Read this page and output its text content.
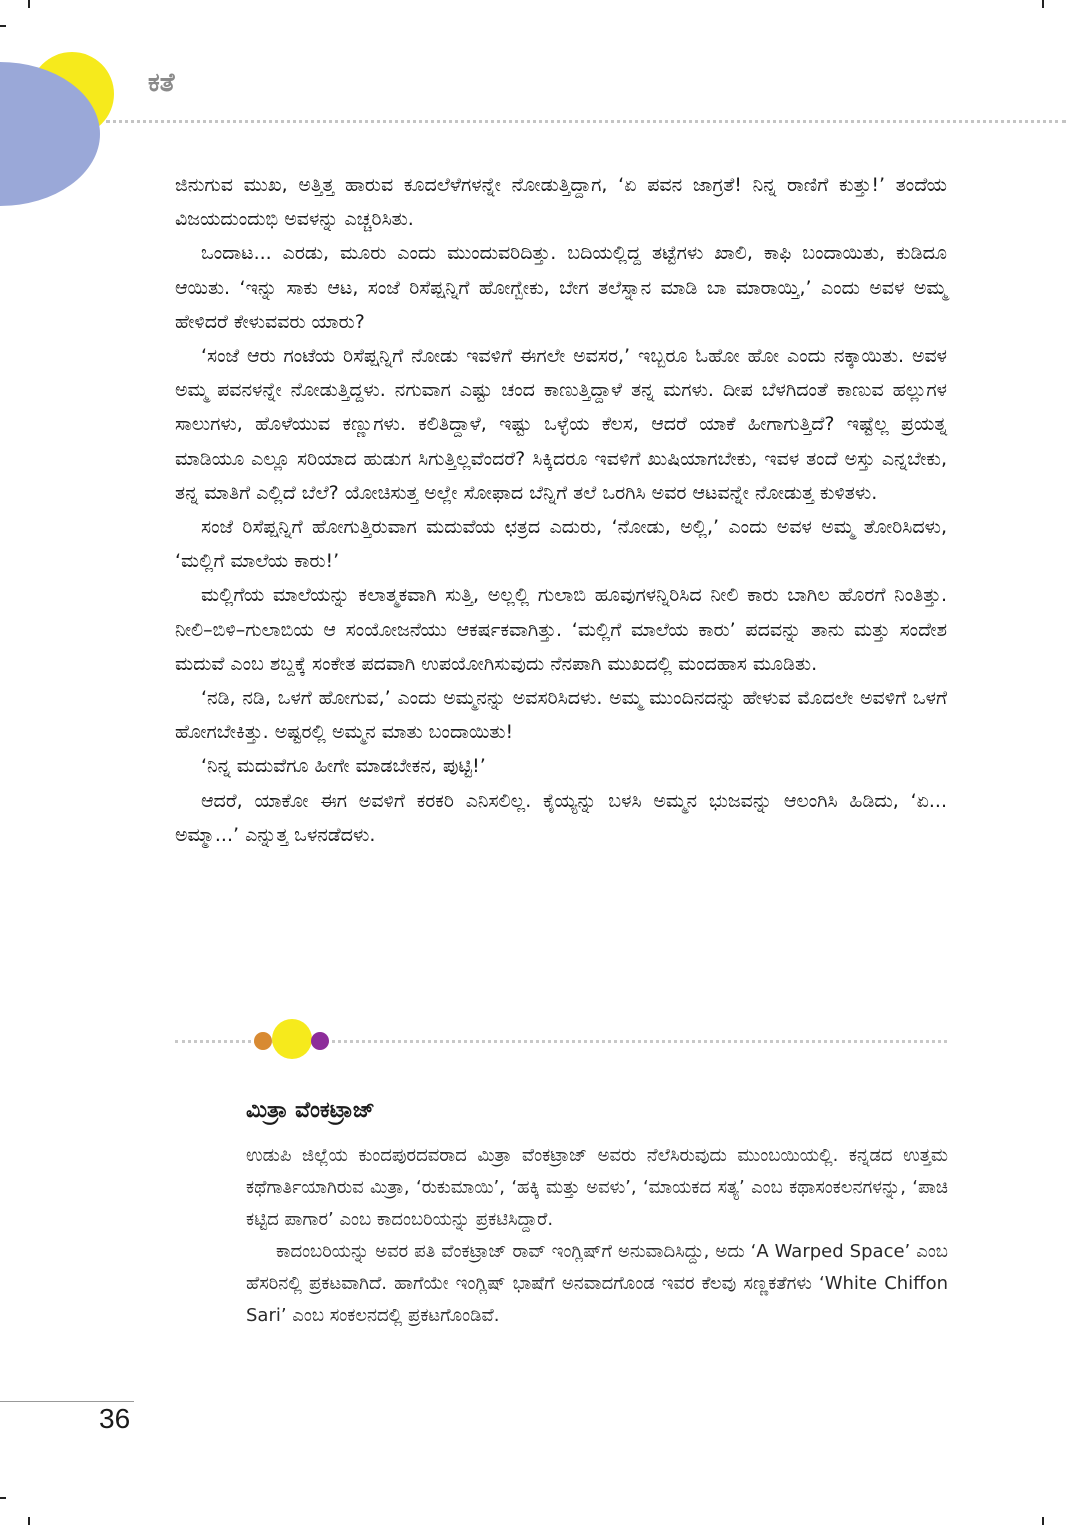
ಕತೆ

ಜಿನುಗುವ ಮುಖ, ಅತ್ತಿತ್ತ ಹಾರುವ ಕೂದಲೆಳೆಗಳನ್ನೇ ನೋಡುತ್ತಿದ್ದಾಗ, ‘ಏ ಪವನ ಜಾಗ್ರತೆ! ನಿನ್ನ ರಾಣಿಗೆ ಕುತ್ತು!’ ತಂದೆಯ ವಿಜಯದುಂದುಭಿ ಅವಳನ್ನು ಎಚ್ಚರಿಸಿತು.

ಒಂದಾಟ... ಎರಡು, ಮೂರು ಎಂದು ಮುಂದುವರಿದಿತ್ತು. ಬದಿಯಲ್ಲಿದ್ದ ತಟ್ಟೆಗಳು ಖಾಲಿ, ಕಾಫಿ ಬಂದಾಯಿತು, ಕುಡಿದೂ ಆಯಿತು. ‘ಇನ್ನು ಸಾಕು ಆಟ, ಸಂಜೆ ರಿಸೆಪ್ಷನ್ನಿಗೆ ಹೋಗ್ಬೇಕು, ಬೇಗ ತಲೆಸ್ನಾನ ಮಾಡಿ ಬಾ ಮಾರಾಯ್ತಿ,’ ಎಂದು ಅವಳ ಅಮ್ಮ ಹೇಳಿದರೆ ಕೇಳುವವರು ಯಾರು?

‘ಸಂಜೆ ಆರು ಗಂಟೆಯ ರಿಸೆಪ್ಷನ್ನಿಗೆ ನೋಡು ಇವಳಿಗೆ ಈಗಲೇ ಅವಸರ,’ ಇಬ್ಬರೂ ಓಹೋ ಹೋ ಎಂದು ನಕ್ಕಾಯಿತು. ಅವಳ ಅಮ್ಮ ಪವನಳನ್ನೇ ನೋಡುತ್ತಿದ್ದಳು. ನಗುವಾಗ ಎಷ್ಟು ಚಂದ ಕಾಣುತ್ತಿದ್ದಾಳೆ ತನ್ನ ಮಗಳು. ದೀಪ ಬೆಳಗಿದಂತೆ ಕಾಣುವ ಹಲ್ಲುಗಳ ಸಾಲುಗಳು, ಹೊಳೆಯುವ ಕಣ್ಣುಗಳು. ಕಲಿತಿದ್ದಾಳೆ, ಇಷ್ಟು ಒಳ್ಳೆಯ ಕೆಲಸ, ಆದರೆ ಯಾಕೆ ಹೀಗಾಗುತ್ತಿದೆ? ಇಷ್ಟೆಲ್ಲ ಪ್ರಯತ್ನ ಮಾಡಿಯೂ ಎಲ್ಲೂ ಸರಿಯಾದ ಹುಡುಗ ಸಿಗುತ್ತಿಲ್ಲವೆಂದರೆ? ಸಿಕ್ಕಿದರೂ ಇವಳಿಗೆ ಖುಷಿಯಾಗಬೇಕು, ಇವಳ ತಂದೆ ಅಸ್ತು ಎನ್ನಬೇಕು, ತನ್ನ ಮಾತಿಗೆ ಎಲ್ಲಿದೆ ಬೆಲೆ? ಯೋಚಿಸುತ್ತ ಅಲ್ಲೇ ಸೋಫಾದ ಬೆನ್ನಿಗೆ ತಲೆ ಒರಗಿಸಿ ಅವರ ಆಟವನ್ನೇ ನೋಡುತ್ತ ಕುಳಿತಳು.

ಸಂಜೆ ರಿಸೆಪ್ಷನ್ನಿಗೆ ಹೋಗುತ್ತಿರುವಾಗ ಮದುವೆಯ ಛತ್ರದ ಎದುರು, ‘ನೋಡು, ಅಲ್ಲಿ,’ ಎಂದು ಅವಳ ಅಮ್ಮ ತೋರಿಸಿದಳು, ‘ಮಲ್ಲಿಗೆ ಮಾಲೆಯ ಕಾರು!’

ಮಲ್ಲಿಗೆಯ ಮಾಲೆಯನ್ನು ಕಲಾತ್ಮಕವಾಗಿ ಸುತ್ತಿ, ಅಲ್ಲಲ್ಲಿ ಗುಲಾಬಿ ಹೂವುಗಳನ್ನಿರಿಸಿದ ನೀಲಿ ಕಾರು ಬಾಗಿಲ ಹೊರಗೆ ನಿಂತಿತ್ತು. ನೀಲಿ–ಬಿಳಿ–ಗುಲಾಬಿಯ ಆ ಸಂಯೋಜನೆಯು ಆಕರ್ಷಕವಾಗಿತ್ತು. ‘ಮಲ್ಲಿಗೆ ಮಾಲೆಯ ಕಾರು’ ಪದವನ್ನು ತಾನು ಮತ್ತು ಸಂದೇಶ ಮದುವೆ ಎಂಬ ಶಬ್ದಕ್ಕೆ ಸಂಕೇತ ಪದವಾಗಿ ಉಪಯೋಗಿಸುವುದು ನೆನಪಾಗಿ ಮುಖದಲ್ಲಿ ಮಂದಹಾಸ ಮೂಡಿತು.

‘ನಡಿ, ನಡಿ, ಒಳಗೆ ಹೋಗುವ,’ ಎಂದು ಅಮ್ಮನನ್ನು ಅವಸರಿಸಿದಳು. ಅಮ್ಮ ಮುಂದಿನದನ್ನು ಹೇಳುವ ಮೊದಲೇ ಅವಳಿಗೆ ಒಳಗೆ ಹೋಗಬೇಕಿತ್ತು. ಅಷ್ಟರಲ್ಲಿ ಅಮ್ಮನ ಮಾತು ಬಂದಾಯಿತು!

‘ನಿನ್ನ ಮದುವೆಗೂ ಹೀಗೇ ಮಾಡಬೇಕನ, ಪುಟ್ಟಿ!’

ಆದರೆ, ಯಾಕೋ ಈಗ ಅವಳಿಗೆ ಕರಕರಿ ಎನಿಸಲಿಲ್ಲ. ಕೈಯ್ಯನ್ನು ಬಳಸಿ ಅಮ್ಮನ ಭುಜವನ್ನು ಆಲಂಗಿಸಿ ಹಿಡಿದು, ‘ಏ... ಅಮ್ಮಾ...’ ಎನ್ನುತ್ತ ಒಳನಡೆದಳು.

ಮಿತ್ರಾ ವೆಂಕಟ್ರಾಜ್

ಉಡುಪಿ ಜಿಲ್ಲೆಯ ಕುಂದಪುರದವರಾದ ಮಿತ್ರಾ ವೆಂಕಟ್ರಾಜ್ ಅವರು ನೆಲೆಸಿರುವುದು ಮುಂಬಯಿಯಲ್ಲಿ. ಕನ್ನಡದ ಉತ್ತಮ ಕಥೆಗಾರ್ತಿಯಾಗಿರುವ ಮಿತ್ರಾ, ‘ರುಕುಮಾಯಿ’, ‘ಹಕ್ಕಿ ಮತ್ತು ಅವಳು’, ‘ಮಾಯಕದ ಸತ್ಯ’ ಎಂಬ ಕಥಾಸಂಕಲನಗಳನ್ನು, ‘ಪಾಚಿ ಕಟ್ಟಿದ ಪಾಗಾರ’ ಎಂಬ ಕಾದಂಬರಿಯನ್ನು ಪ್ರಕಟಿಸಿದ್ದಾರೆ.

ಕಾದಂಬರಿಯನ್ನು ಅವರ ಪತಿ ವೆಂಕಟ್ರಾಜ್ ರಾವ್ ಇಂಗ್ಲಿಷ್‌ಗೆ ಅನುವಾದಿಸಿದ್ದು, ಅದು ‘A Warped Space’ ಎಂಬ ಹೆಸರಿನಲ್ಲಿ ಪ್ರಕಟವಾಗಿದೆ. ಹಾಗೆಯೇ ಇಂಗ್ಲಿಷ್ ಭಾಷೆಗೆ ಅನವಾದಗೊಂಡ ಇವರ ಕೆಲವು ಸಣ್ಣಕತೆಗಳು ‘White Chiffon Sari’ ಎಂಬ ಸಂಕಲನದಲ್ಲಿ ಪ್ರಕಟಗೊಂಡಿವೆ.

36
